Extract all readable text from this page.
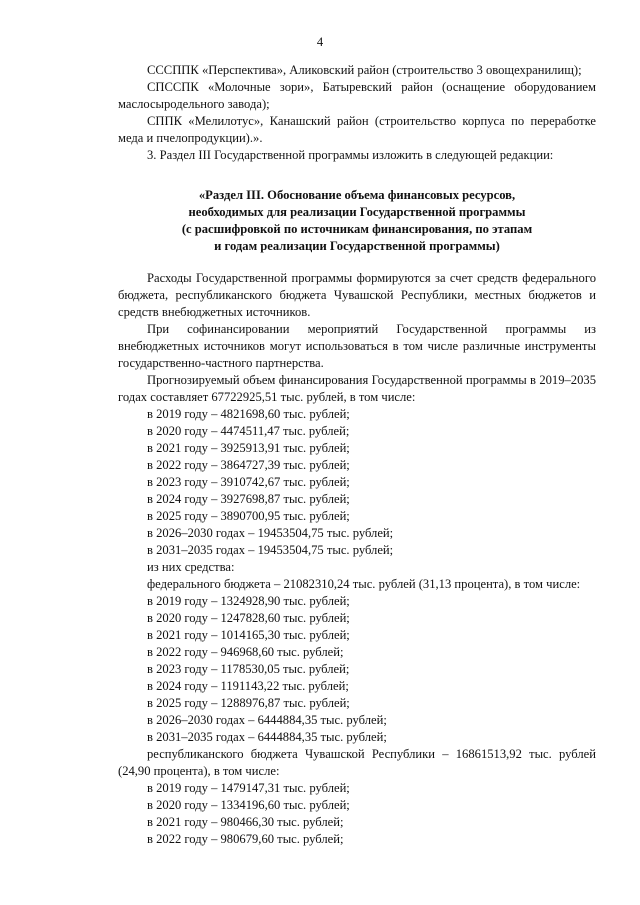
4

СССППК «Перспектива», Аликовский район (строительство 3 овощехранилищ);

СПССПК «Молочные зори», Батыревский район (оснащение оборудованием маслосыродельного завода);

СППК «Мелилотус», Канашский район (строительство корпуса по переработке меда и пчелопродукции).».

3. Раздел III Государственной программы изложить в следующей редакции:

«Раздел III. Обоснование объема финансовых ресурсов,
необходимых для реализации Государственной программы
(с расшифровкой по источникам финансирования, по этапам
и годам реализации Государственной программы)

Расходы Государственной программы формируются за счет средств федерального бюджета, республиканского бюджета Чувашской Республики, местных бюджетов и средств внебюджетных источников.

При софинансировании мероприятий Государственной программы из внебюджетных источников могут использоваться в том числе различные инструменты государственно-частного партнерства.

Прогнозируемый объем финансирования Государственной программы в 2019–2035 годах составляет 67722925,51 тыс. рублей, в том числе:

в 2019 году – 4821698,60 тыс. рублей;

в 2020 году – 4474511,47 тыс. рублей;

в 2021 году – 3925913,91 тыс. рублей;

в 2022 году – 3864727,39 тыс. рублей;

в 2023 году – 3910742,67 тыс. рублей;

в 2024 году – 3927698,87 тыс. рублей;

в 2025 году – 3890700,95 тыс. рублей;

в 2026–2030 годах – 19453504,75 тыс. рублей;

в 2031–2035 годах – 19453504,75 тыс. рублей;

из них средства:

федерального бюджета – 21082310,24 тыс. рублей (31,13 процента), в том числе:

в 2019 году – 1324928,90 тыс. рублей;

в 2020 году – 1247828,60 тыс. рублей;

в 2021 году – 1014165,30 тыс. рублей;

в 2022 году – 946968,60 тыс. рублей;

в 2023 году – 1178530,05 тыс. рублей;

в 2024 году – 1191143,22 тыс. рублей;

в 2025 году – 1288976,87 тыс. рублей;

в 2026–2030 годах – 6444884,35 тыс. рублей;

в 2031–2035 годах – 6444884,35 тыс. рублей;

республиканского бюджета Чувашской Республики – 16861513,92 тыс. рублей (24,90 процента), в том числе:

в 2019 году – 1479147,31 тыс. рублей;

в 2020 году – 1334196,60 тыс. рублей;

в 2021 году – 980466,30 тыс. рублей;

в 2022 году – 980679,60 тыс. рублей;
